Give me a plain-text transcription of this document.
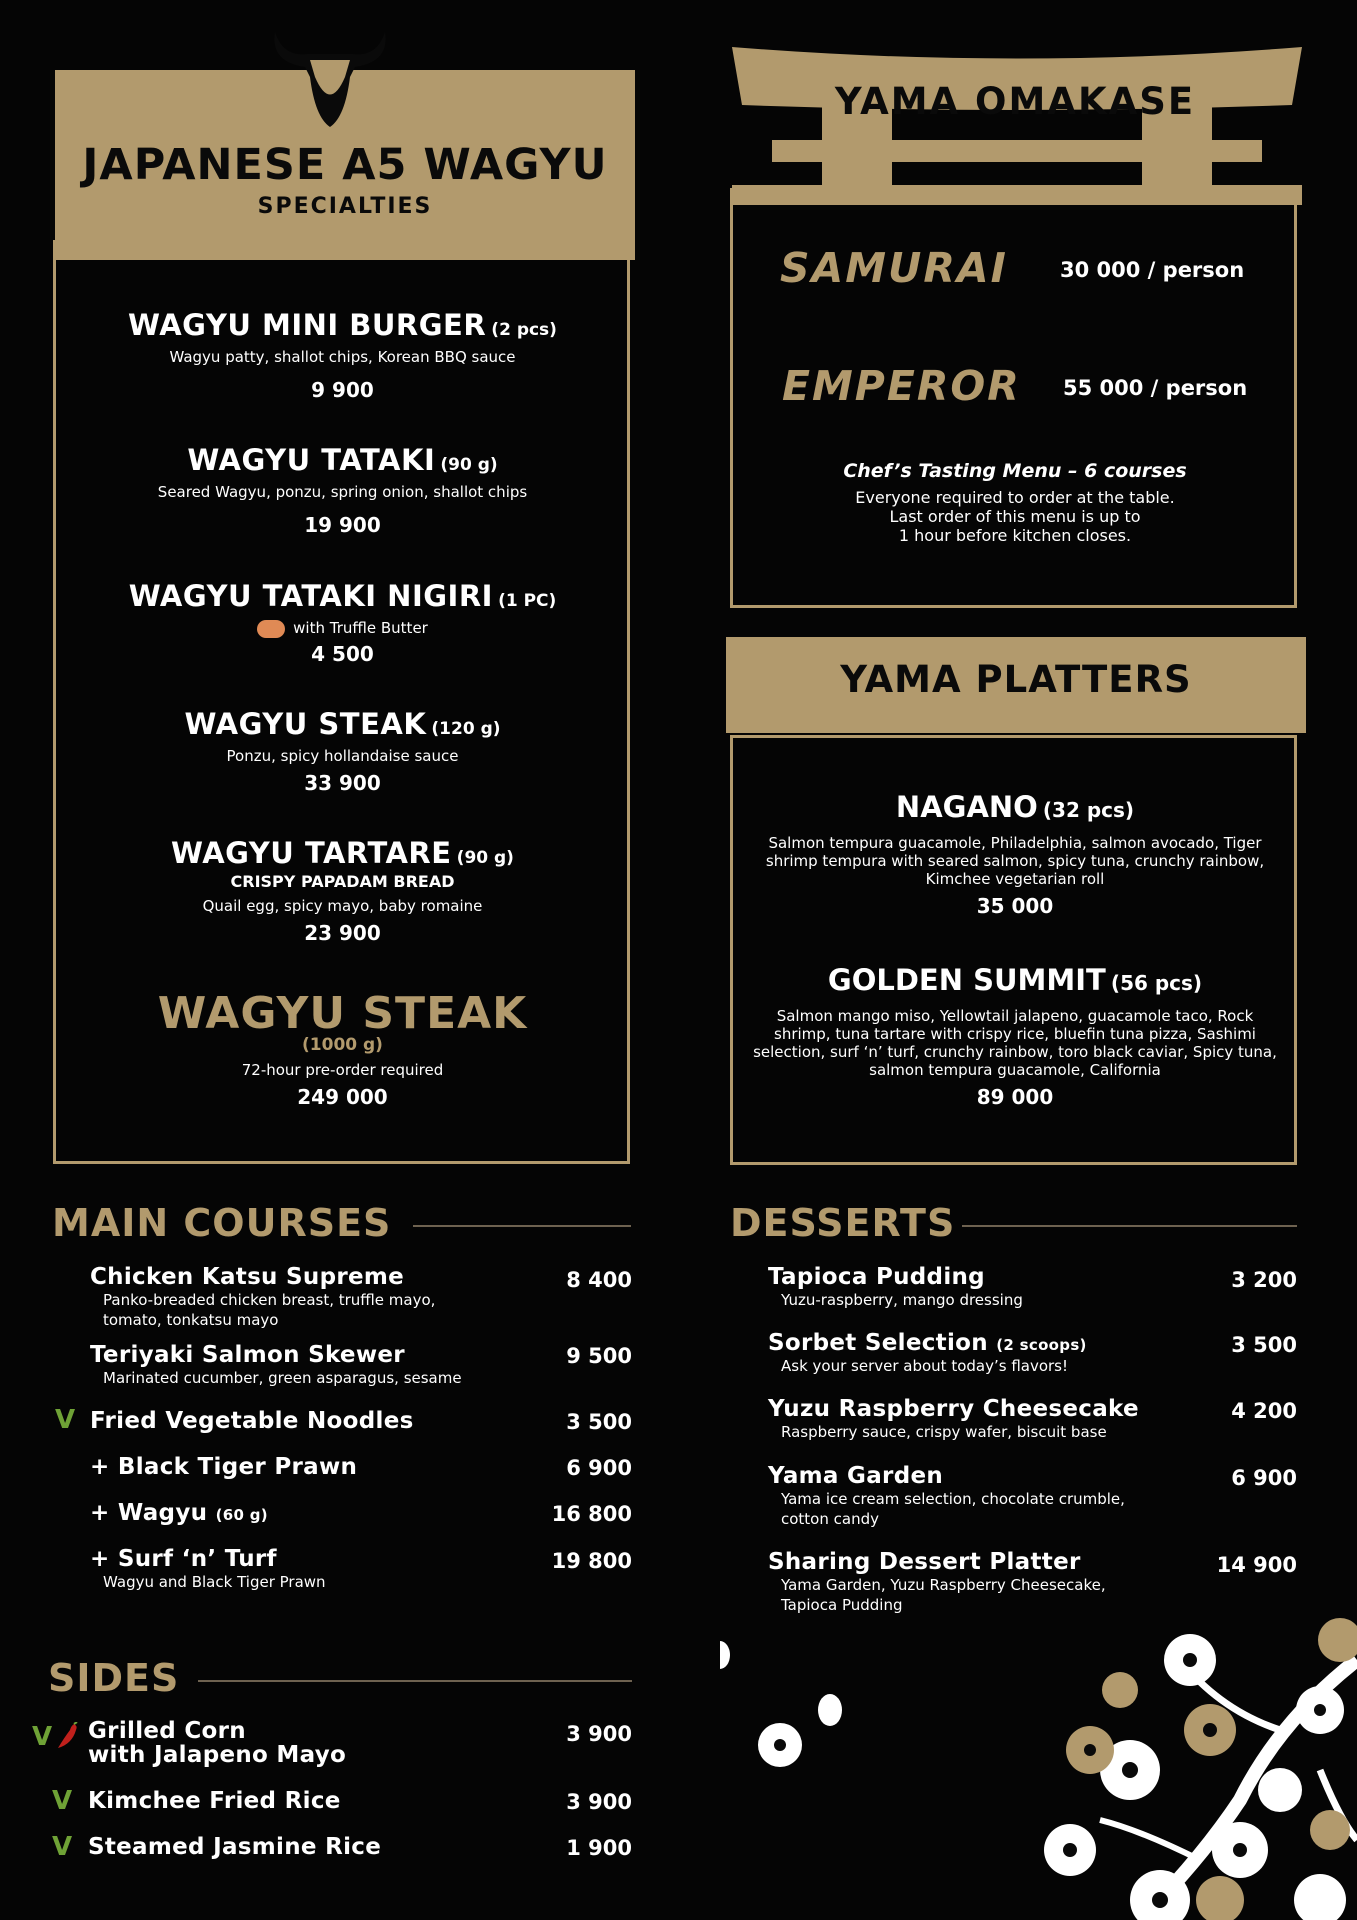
JAPANESE A5 WAGYU
SPECIALTIES
WAGYU MINI BURGER (2 pcs)
Wagyu patty, shallot chips, Korean BBQ sauce
9 900
WAGYU TATAKI (90 g)
Seared Wagyu, ponzu, spring onion, shallot chips
19 900
WAGYU TATAKI NIGIRI (1 PC)
with Truffle Butter
4 500
WAGYU STEAK (120 g)
Ponzu, spicy hollandaise sauce
33 900
WAGYU TARTARE (90 g)
CRISPY PAPADAM BREAD
Quail egg, spicy mayo, baby romaine
23 900
WAGYU STEAK
(1000 g)
72-hour pre-order required
249 000
YAMA OMAKASE
SAMURAI 30 000 / person
EMPEROR 55 000 / person
Chef’s Tasting Menu – 6 courses
Everyone required to order at the table.
Last order of this menu is up to
1 hour before kitchen closes.
YAMA PLATTERS
NAGANO (32 pcs)
Salmon tempura guacamole, Philadelphia, salmon avocado, Tiger shrimp tempura with seared salmon, spicy tuna, crunchy rainbow, Kimchee vegetarian roll
35 000
GOLDEN SUMMIT (56 pcs)
Salmon mango miso, Yellowtail jalapeno, guacamole taco, Rock shrimp, tuna tartare with crispy rice, bluefin tuna pizza, Sashimi selection, surf ‘n’ turf, crunchy rainbow, toro black caviar, Spicy tuna, salmon tempura guacamole, California
89 000
MAIN COURSES
Chicken Katsu Supreme
Panko-breaded chicken breast, truffle mayo,
tomato, tonkatsu mayo
8 400
Teriyaki Salmon Skewer
Marinated cucumber, green asparagus, sesame
9 500
V Fried Vegetable Noodles	3 500
+ Black Tiger Prawn	6 900
+ Wagyu (60 g)	16 800
+ Surf ‘n’ Turf
Wagyu and Black Tiger Prawn
19 800
SIDES
V Grilled Corn
with Jalapeno Mayo
3 900
V Kimchee Fried Rice	3 900
V Steamed Jasmine Rice	1 900
DESSERTS
Tapioca Pudding
Yuzu-raspberry, mango dressing
3 200
Sorbet Selection (2 scoops)
Ask your server about today’s flavors!
3 500
Yuzu Raspberry Cheesecake
Raspberry sauce, crispy wafer, biscuit base
4 200
Yama Garden
Yama ice cream selection, chocolate crumble,
cotton candy
6 900
Sharing Dessert Platter
Yama Garden, Yuzu Raspberry Cheesecake,
Tapioca Pudding
14 900
